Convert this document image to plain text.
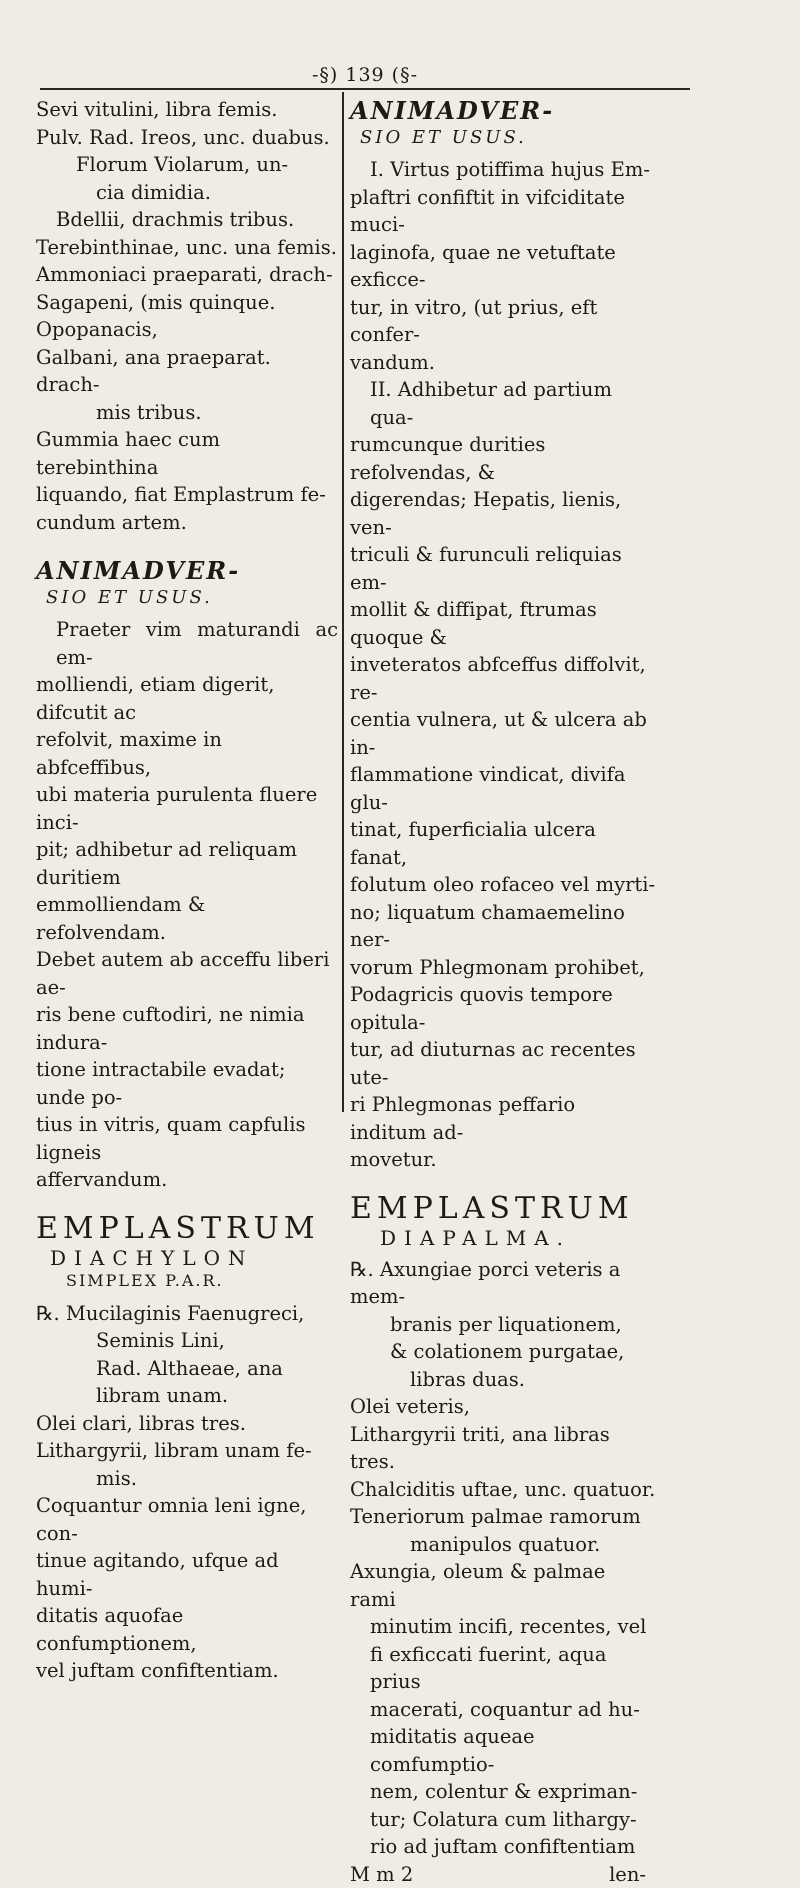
-§) 139 (§-

Sevi vitulini, libra femis.

Pulv. Rad. Ireos, unc. duabus.

Florum Violarum, un-

cia dimidia.

Bdellii, drachmis tribus.

Terebinthinae, unc. una femis.

Ammoniaci praeparati, drach-

Sagapeni, (mis quinque.

Opopanacis,

Galbani, ana praeparat. drach-

mis tribus.

Gummia haec cum terebinthina

liquando, fiat Emplastrum fe-

cundum artem.

ANIMADVER-
SIO ET USUS.

Praeter vim maturandi ac em-

molliendi, etiam digerit, difcutit ac

refolvit, maxime in abfceffibus,

ubi materia purulenta fluere inci-

pit; adhibetur ad reliquam duritiem

emmolliendam & refolvendam.

Debet autem ab acceffu liberi ae-

ris bene cuftodiri, ne nimia indura-

tione intractabile evadat; unde po-

tius in vitris, quam capfulis ligneis

affervandum.

EMPLASTRUM
DIACHYLON
SIMPLEX P.A.R.

℞. Mucilaginis Faenugreci,

Seminis Lini,

Rad. Althaeae, ana

libram unam.

Olei clari, libras tres.

Lithargyrii, libram unam fe-

mis.

Coquantur omnia leni igne, con-

tinue agitando, ufque ad humi-

ditatis aquofae confumptionem,

vel juftam confiftentiam.

ANIMADVER-
SIO ET USUS.

I. Virtus potiffima hujus Em-

plaftri confiftit in vifciditate muci-

laginofa, quae ne vetuftate exficce-

tur, in vitro, (ut prius, eft confer-

vandum.

II. Adhibetur ad partium qua-

rumcunque durities refolvendas, &

digerendas; Hepatis, lienis, ven-

triculi & furunculi reliquias em-

mollit & diffipat, ftrumas quoque &

inveteratos abfceffus diffolvit, re-

centia vulnera, ut & ulcera ab in-

flammatione vindicat, divifa glu-

tinat, fuperficialia ulcera fanat,

folutum oleo rofaceo vel myrti-

no; liquatum chamaemelino ner-

vorum Phlegmonam prohibet,

Podagricis quovis tempore opitula-

tur, ad diuturnas ac recentes ute-

ri Phlegmonas peffario inditum ad-

movetur.

EMPLASTRUM
DIAPALMA.

℞. Axungiae porci veteris a mem-

branis per liquationem,

& colationem purgatae,

libras duas.

Olei veteris,

Lithargyrii triti, ana libras tres.

Chalciditis uftae, unc. quatuor.

Teneriorum palmae ramorum

manipulos quatuor.

Axungia, oleum & palmae rami

minutim incifi, recentes, vel

fi exficcati fuerint, aqua prius

macerati, coquantur ad hu-

miditatis aqueae comfumptio-

nem, colentur & expriman-

tur; Colatura cum lithargy-

rio ad juftam confiftentiam

M m 2	len-
